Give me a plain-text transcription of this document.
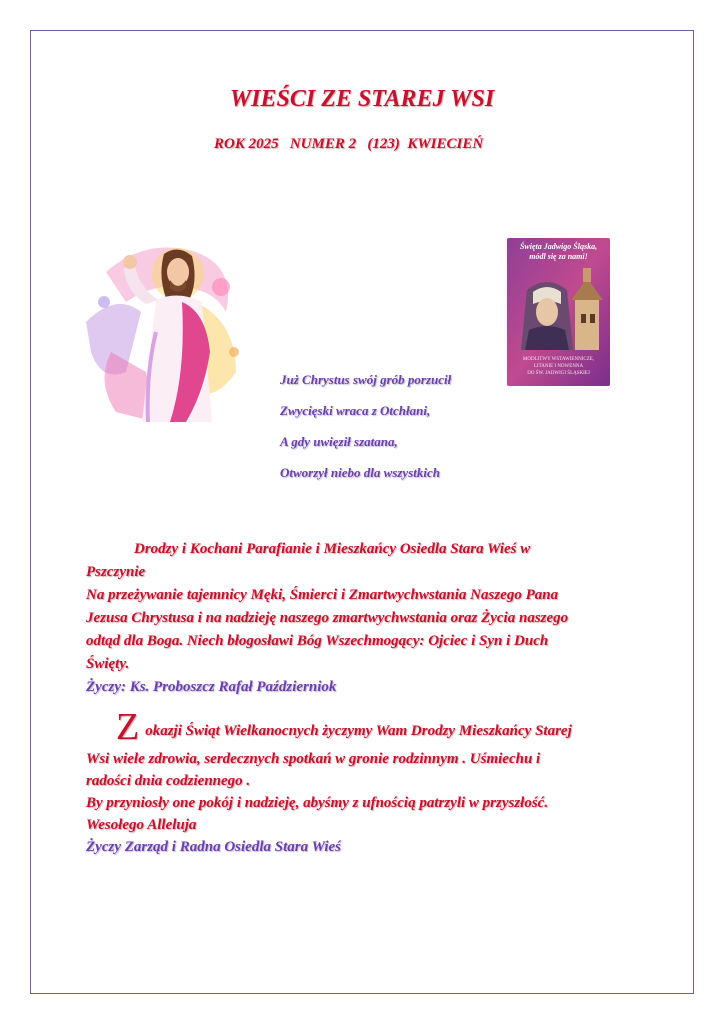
WIEŚCI ZE STAREJ WSI
ROK 2025   NUMER 2   (123)  KWIECIEŃ
Święta Jadwigo Śląska,
módl się za nami!
MODLITWY WSTAWIENNICZE,
LITANIE I NOWENNA
DO ŚW. JADWIGI ŚLĄSKIEJ
Już Chrystus swój grób porzucił
Zwycięski wraca z Otchłani,
A gdy uwięził szatana,
Otworzył niebo dla wszystkich
Drodzy i Kochani Parafianie i Mieszkańcy Osiedla Stara Wieś w
Pszczynie
Na przeżywanie tajemnicy Męki, Śmierci i Zmartwychwstania Naszego Pana
Jezusa Chrystusa i na nadzieję naszego zmartwychwstania oraz Życia naszego
odtąd dla Boga. Niech błogosławi Bóg Wszechmogący: Ojciec i Syn i Duch
Święty.
Życzy: Ks. Proboszcz Rafał Październiok
Zokazji Świąt Wielkanocnych życzymy Wam Drodzy Mieszkańcy Starej
Wsi wiele zdrowia, serdecznych spotkań w gronie rodzinnym . Uśmiechu i
radości dnia codziennego .
By przyniosły one pokój i nadzieję, abyśmy z ufnością patrzyli w przyszłość.
Wesołego Alleluja
Życzy Zarząd i Radna Osiedla Stara Wieś
